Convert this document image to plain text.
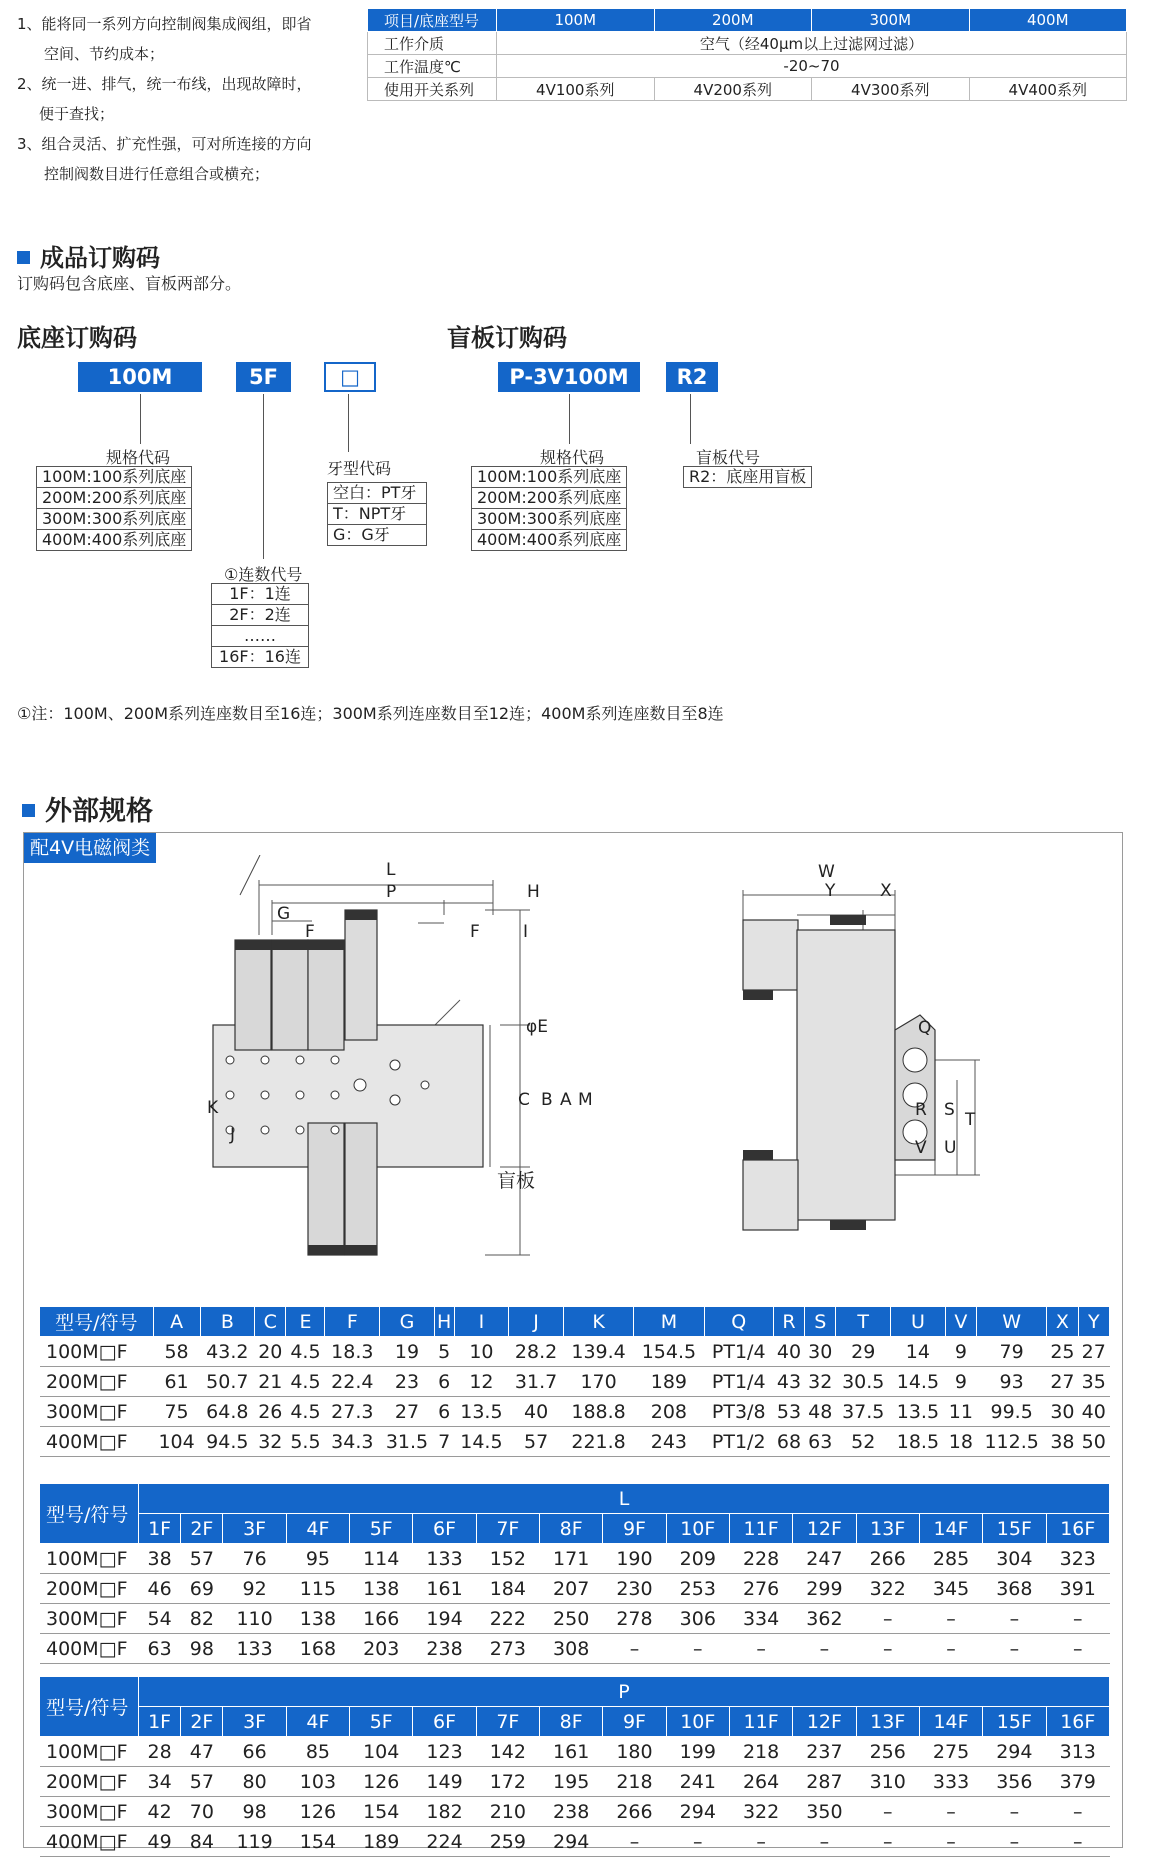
1、能将同一系列方向控制阀集成阀组，即省
空间、节约成本；
2、统一进、排气，统一布线，出现故障时，
便于查找；
3、组合灵活、扩充性强，可对所连接的方向
控制阀数目进行任意组合或横充；
项目/底座型号	100M	200M	300M	400M
工作介质	空气（经40μm以上过滤网过滤）			
工作温度℃	-20~70			
使用开关系列	4V100系列	4V200系列	4V300系列	4V400系列
成品订购码
订购码包含底座、盲板两部分。
底座订购码	盲板订购码
100M	5F	□	P-3V100M	R2
规格代码
100M:100系列底座
200M:200系列底座
300M:300系列底座
400M:400系列底座
①连数代号
1F：1连
2F：2连
……
16F：16连
牙型代码
空白：PT牙
T：NPT牙
G：G牙
规格代码
100M:100系列底座
200M:200系列底座
300M:300系列底座
400M:400系列底座
盲板代号
R2：底座用盲板
①注：100M、200M系列连座数目至16连；300M系列连座数目至12连；400M系列连座数目至8连
外部规格
配4V电磁阀类
L
P	H
G
F	F	I
φE
C B A M
K
J
盲板
W
Y	X
Q
R S T
V U
型号/符号	A	B	C	E	F	G	H	I	J	K	M	Q	R	S	T	U	V	W	X	Y
100M□F	58	43.2	20	4.5	18.3	19	5	10	28.2	139.4	154.5	PT1/4	40	30	29	14	9	79	25	27
200M□F	61	50.7	21	4.5	22.4	23	6	12	31.7	170	189	PT1/4	43	32	30.5	14.5	9	93	27	35
300M□F	75	64.8	26	4.5	27.3	27	6	13.5	40	188.8	208	PT3/8	53	48	37.5	13.5	11	99.5	30	40
400M□F	104	94.5	32	5.5	34.3	31.5	7	14.5	57	221.8	243	PT1/2	68	63	52	18.5	18	112.5	38	50
型号/符号	L															
	1F	2F	3F	4F	5F	6F	7F	8F	9F	10F	11F	12F	13F	14F	15F	16F
100M□F	38	57	76	95	114	133	152	171	190	209	228	247	266	285	304	323
200M□F	46	69	92	115	138	161	184	207	230	253	276	299	322	345	368	391
300M□F	54	82	110	138	166	194	222	250	278	306	334	362	–	–	–	–
400M□F	63	98	133	168	203	238	273	308	–	–	–	–	–	–	–	–
型号/符号	P															
	1F	2F	3F	4F	5F	6F	7F	8F	9F	10F	11F	12F	13F	14F	15F	16F
100M□F	28	47	66	85	104	123	142	161	180	199	218	237	256	275	294	313
200M□F	34	57	80	103	126	149	172	195	218	241	264	287	310	333	356	379
300M□F	42	70	98	126	154	182	210	238	266	294	322	350	–	–	–	–
400M□F	49	84	119	154	189	224	259	294	–	–	–	–	–	–	–	–
